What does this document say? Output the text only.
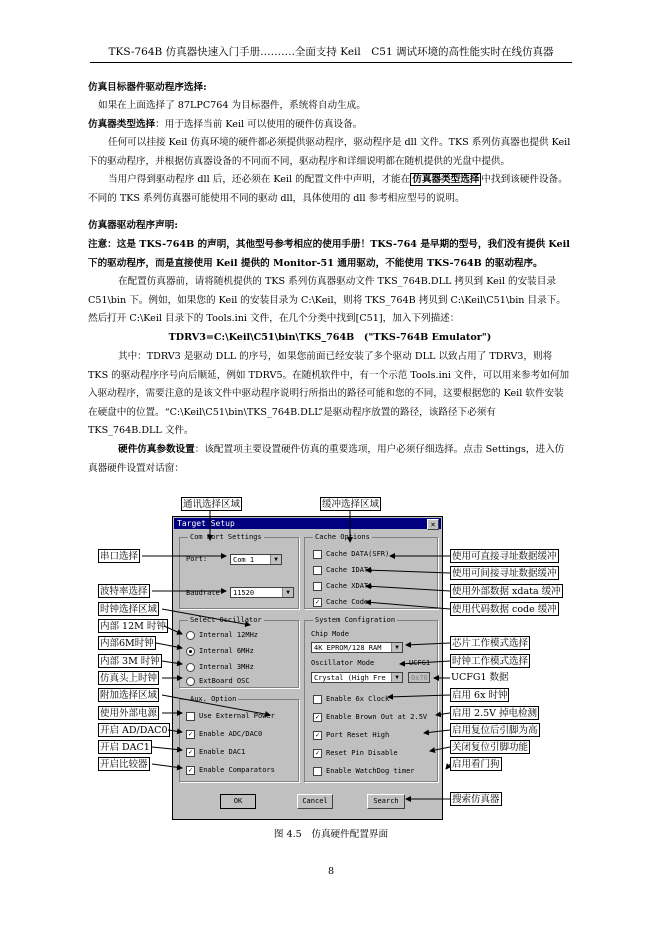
TKS-764B 仿真器快速入门手册……….全面支持 Keil　C51 调试环境的高性能实时在线仿真器

仿真目标器件驱动程序选择:

如果在上面选择了 87LPC764 为目标器件，系统将自动生成。

仿真器类型选择：用于选择当前 Keil 可以使用的硬件仿真设备。

任何可以挂接 Keil 仿真环境的硬件都必须提供驱动程序，驱动程序是 dll 文件。TKS 系列仿真器也提供 Keil 下的驱动程序，并根据仿真器设备的不同而不同，驱动程序和详细说明都在随机提供的光盘中提供。

当用户得到驱动程序 dll 后，还必须在 Keil 的配置文件中声明，才能在 仿真器类型选择 中找到该硬件设备。不同的 TKS 系列仿真器可能使用不同的驱动 dll，具体使用的 dll 参考相应型号的说明。

仿真器驱动程序声明:

注意：这是 TKS-764B 的声明，其他型号参考相应的使用手册！TKS-764 是早期的型号，我们没有提供 Keil 下的驱动程序，而是直接使用 Keil 提供的 Monitor-51 通用驱动，不能使用 TKS-764B 的驱动程序。

在配置仿真器前，请将随机提供的 TKS 系列仿真器驱动文件 TKS_764B.DLL 拷贝到 Keil 的安装目录 C51\bin 下。例如，如果您的 Keil 的安装目录为 C:\Keil，则将 TKS_764B 拷贝到 C:\Keil\C51\bin 目录下。然后打开 C:\Keil 目录下的 Tools.ini 文件，在几个分类中找到[C51]，加入下列描述：

TDRV3=C:\Keil\C51\bin\TKS_764B　("TKS-764B Emulator")

其中：TDRV3 是驱动 DLL 的序号，如果您前面已经安装了多个驱动 DLL 以致占用了 TDRV3，则将 TKS 的驱动程序序号向后顺延，例如 TDRV5。在随机软件中，有一个示范 Tools.ini 文件，可以用来参考如何加入驱动程序，需要注意的是该文件中驱动程序说明行所指出的路径可能和您的不同，这要根据您的 Keil 软件安装在硬盘中的位置。“C:\Keil\C51\bin\TKS_764B.DLL”是驱动程序放置的路径，该路径下必须有 TKS_764B.DLL 文件。

硬件仿真参数设置：该配置项主要设置硬件仿真的重要选项，用户必须仔细选择。点击 Settings，进入仿真器硬件设置对话窗：

通讯选择区域	缓冲选择区域
Target Setup	×
Com Port Settings
Port:	Com 1	▼
Baudrate	11520	▼
Cache Options
Cache DATA(SFR)
Cache IDATA
Cache XDATA
✓ Cache Code
Select Oscillator
Internal 12MHz
Internal 6MHz
Internal 3MHz
ExtBoard OSC
System Configration
Chip Mode
4K EPROM/128 RAM	▼
Oscillator Mode	UCFG1
Crystal (High Fre	▼	0x70
Enable 6x Clock
✓ Enable Brown Out at 2.5V
✓ Port Reset High
✓ Reset Pin Disable
Enable WatchDog timer
Aux. Option
Use External Power
✓ Enable ADC/DAC0
✓ Enable DAC1
✓ Enable Comparators
OK	Cancel	Search
串口选择
波特率选择
时钟选择区域
内部 12M 时钟
内部6M时钟
内部 3M 时钟
仿真头上时钟
附加选择区域
使用外部电源
开启 AD/DAC0
开启 DAC1
开启比较器
使用可直接寻址数据缓冲
使用可间接寻址数据缓冲
使用外部数据 xdata 缓冲
使用代码数据 code 缓冲
芯片工作模式选择
时钟工作模式选择
UCFG1 数据
启用 6x 时钟
启用 2.5V 掉电检测
启用复位后引脚为高
关闭复位引脚功能
启用看门狗
搜索仿真器
图 4.5　仿真硬件配置界面
8
